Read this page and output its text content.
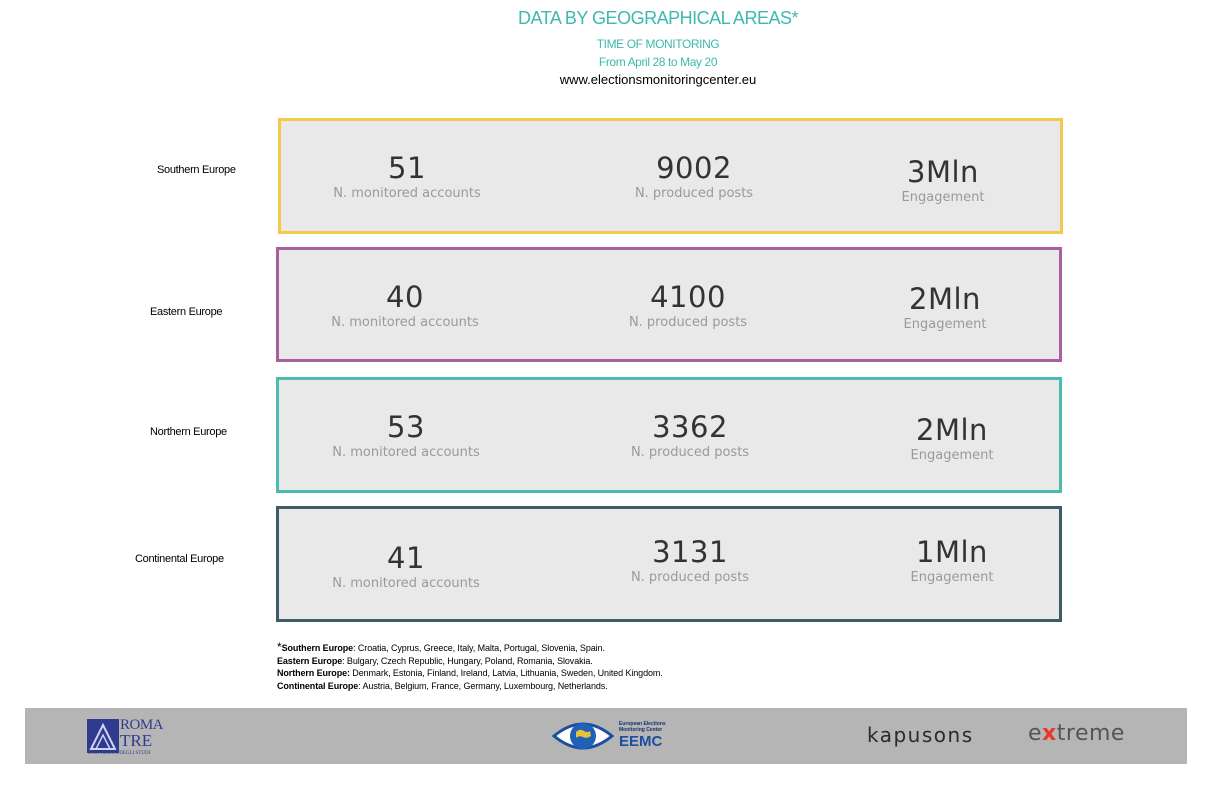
DATA BY GEOGRAPHICAL AREAS*
TIME OF MONITORING
From April 28 to May 20
www.electionsmonitoringcenter.eu
Southern Europe
Eastern Europe
Northern Europe
Continental Europe
51
N. monitored accounts
9002
N. produced posts
3Mln
Engagement
40
N. monitored accounts
4100
N. produced posts
2Mln
Engagement
53
N. monitored accounts
3362
N. produced posts
2Mln
Engagement
41
N. monitored accounts
3131
N. produced posts
1Mln
Engagement
*Southern Europe: Croatia, Cyprus, Greece, Italy, Malta, Portugal, Slovenia, Spain.
Eastern Europe: Bulgary, Czech Republic, Hungary, Poland, Romania, Slovakia.
Northern Europe: Denmark, Estonia, Finland, Ireland, Latvia, Lithuania, Sweden, United Kingdom.
Continental Europe: Austria, Belgium, France, Germany, Luxembourg, Netherlands.
ROMA
TRE
UNIVERSITÀ DEGLI STUDI
European Elections
Monitoring Center
EEMC	kapusons extreme
